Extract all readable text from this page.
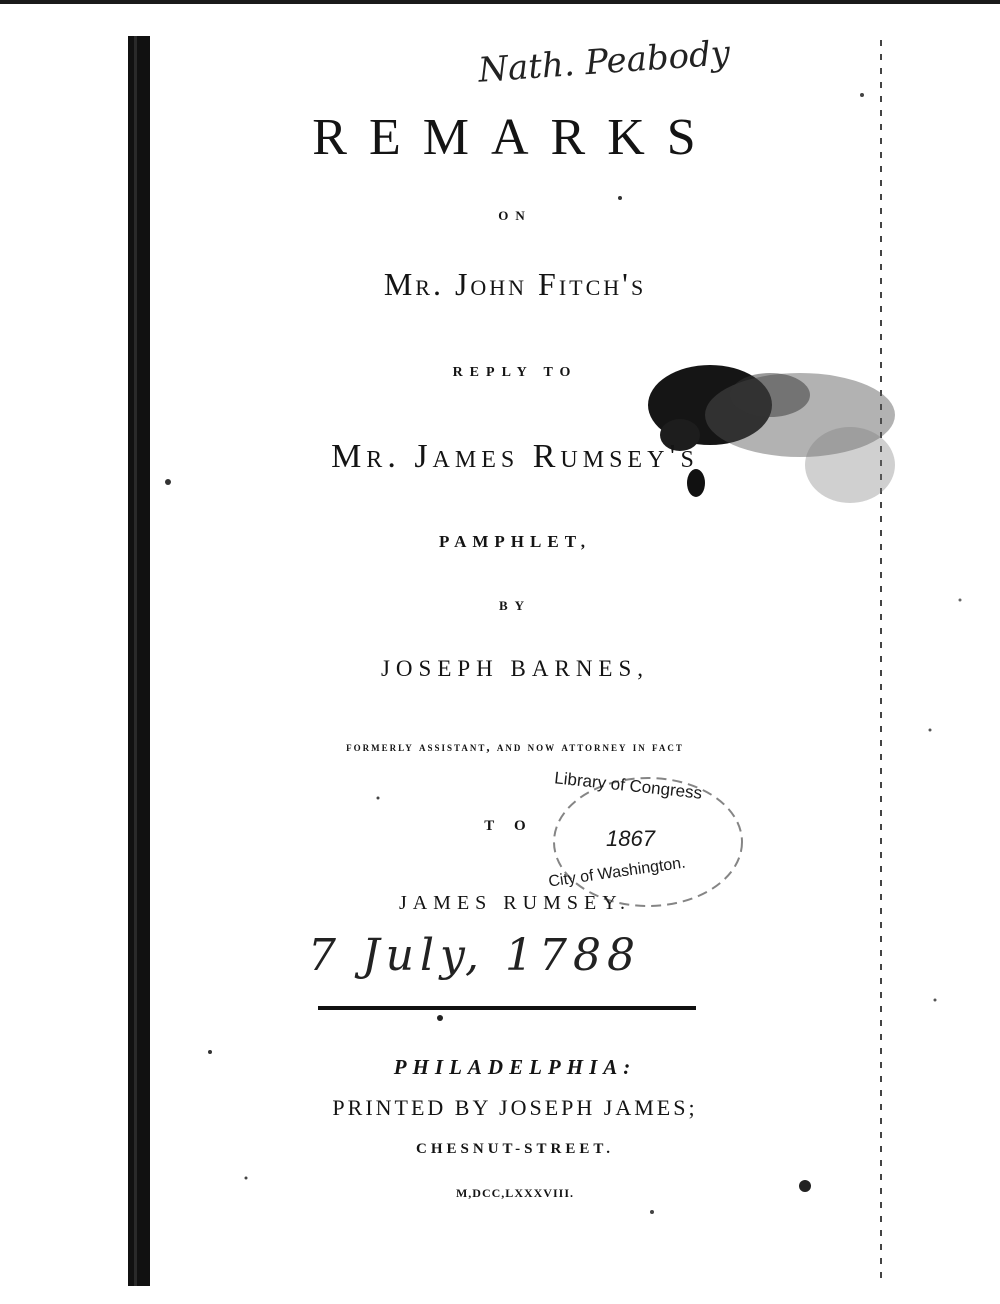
Nath. Peabody
REMARKS
ON
Mr. John Fitch's
REPLY TO
Mr. James Rumsey's
PAMPHLET,
BY
JOSEPH BARNES,
formerly assistant, and now attorney in fact
TO
JAMES RUMSEY.
Library of Congress
1867
City of Washington.
7 July, 1788
PHILADELPHIA:
PRINTED BY JOSEPH JAMES;
CHESNUT-STREET.
M,DCC,LXXXVIII.
